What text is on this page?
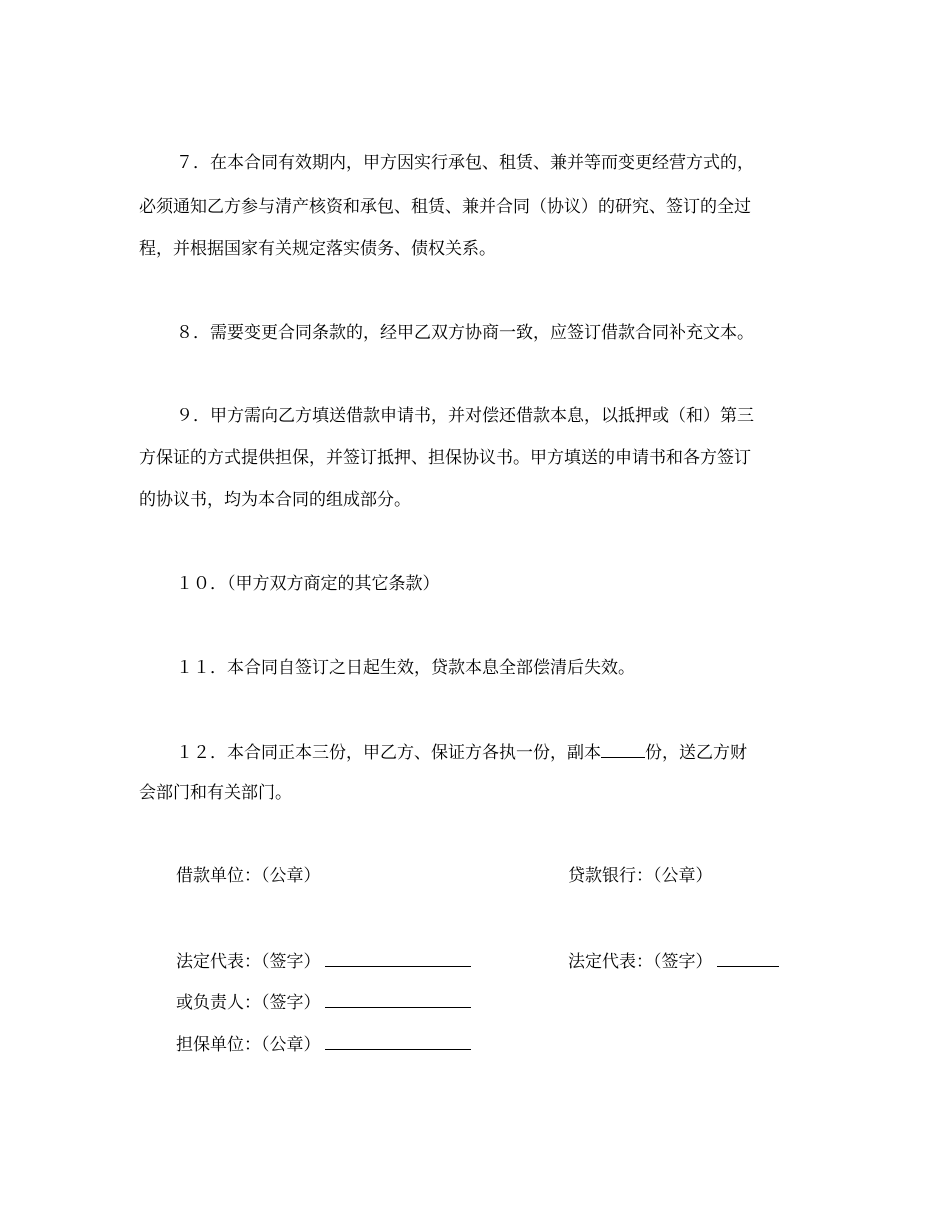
７．在本合同有效期内，甲方因实行承包、租赁、兼并等而变更经营方式的，
必须通知乙方参与清产核资和承包、租赁、兼并合同（协议）的研究、签订的全过
程，并根据国家有关规定落实债务、债权关系。
８．需要变更合同条款的，经甲乙双方协商一致，应签订借款合同补充文本。
９．甲方需向乙方填送借款申请书，并对偿还借款本息，以抵押或（和）第三
方保证的方式提供担保，并签订抵押、担保协议书。甲方填送的申请书和各方签订
的协议书，均为本合同的组成部分。
１０．（甲方双方商定的其它条款）
１１．本合同自签订之日起生效，贷款本息全部偿清后失效。
１２．本合同正本三份，甲乙方、保证方各执一份，副本	份，送乙方财
会部门和有关部门。
借款单位：（公章）	贷款银行：（公章）
法定代表：（签字）	法定代表：（签字）
或负责人：（签字）
担保单位：（公章）
